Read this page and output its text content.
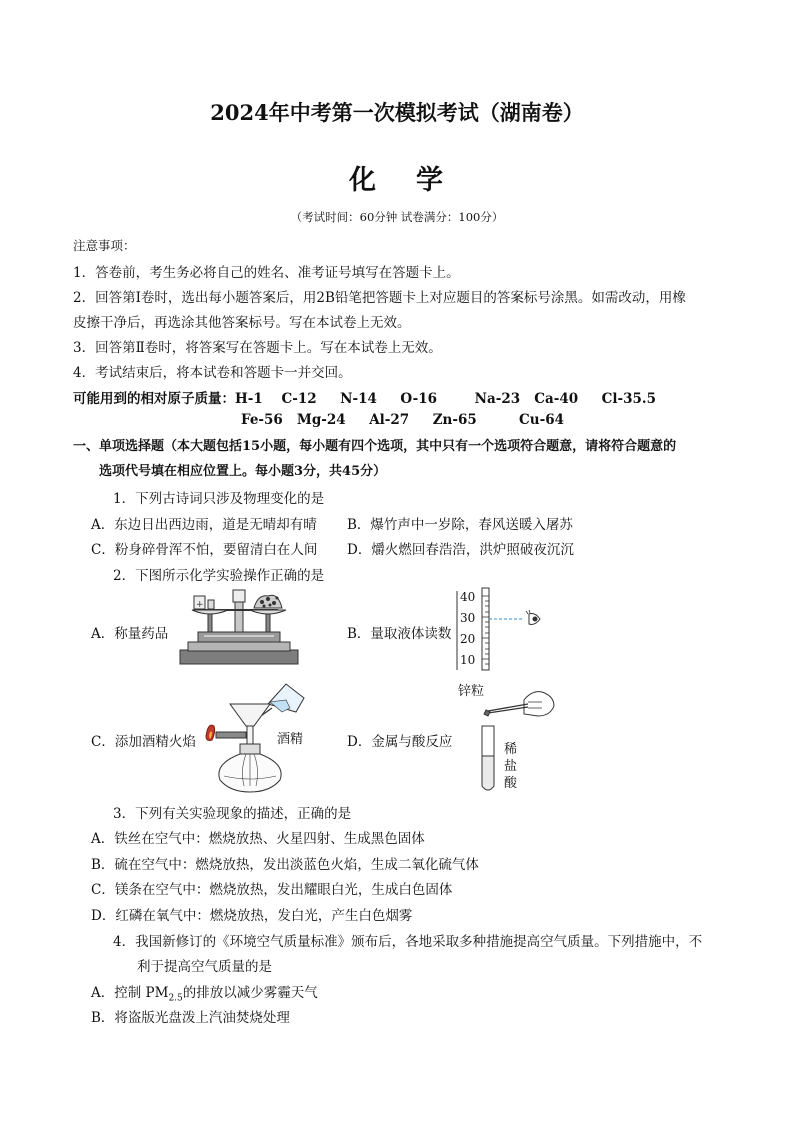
2024年中考第一次模拟考试（湖南卷）
化 学
（考试时间：60分钟 试卷满分：100分）
注意事项：
1．答卷前，考生务必将自己的姓名、准考证号填写在答题卡上。
2．回答第Ⅰ卷时，选出每小题答案后，用2B铅笔把答题卡上对应题目的答案标号涂黑。如需改动，用橡
皮擦干净后，再选涂其他答案标号。写在本试卷上无效。
3．回答第Ⅱ卷时，将答案写在答题卡上。写在本试卷上无效。
4．考试结束后，将本试卷和答题卡一并交回。
可能用到的相对原子质量：H-1    C-12     N-14     O-16        Na-23   Ca-40     Cl-35.5
Fe-56   Mg-24     Al-27     Zn-65         Cu-64
一、单项选择题（本大题包括15小题，每小题有四个选项，其中只有一个选项符合题意，请将符合题意的
选项代号填在相应位置上。每小题3分，共45分）
1．下列古诗词只涉及物理变化的是
A．东边日出西边雨，道是无晴却有晴 B．爆竹声中一岁除，春风送暖入屠苏
C．粉身碎骨浑不怕，要留清白在人间 D．爝火燃回春浩浩，洪炉照破夜沉沉
2．下图所示化学实验操作正确的是
A．称量药品	B．量取液体读数
C．添加酒精火焰	D．金属与酸反应
+
40
30
20
10
酒精
锌粒
稀
盐
酸
3．下列有关实验现象的描述，正确的是
A．铁丝在空气中：燃烧放热、火星四射、生成黑色固体
B．硫在空气中：燃烧放热，发出淡蓝色火焰，生成二氧化硫气体
C．镁条在空气中：燃烧放热，发出耀眼白光，生成白色固体
D．红磷在氧气中：燃烧放热，发白光，产生白色烟雾
4．我国新修订的《环境空气质量标准》颁布后，各地采取多种措施提高空气质量。下列措施中，不
利于提高空气质量的是
A．控制 $PM_{2.5}$的排放以减少雾霾天气
B．将盗版光盘泼上汽油焚烧处理
